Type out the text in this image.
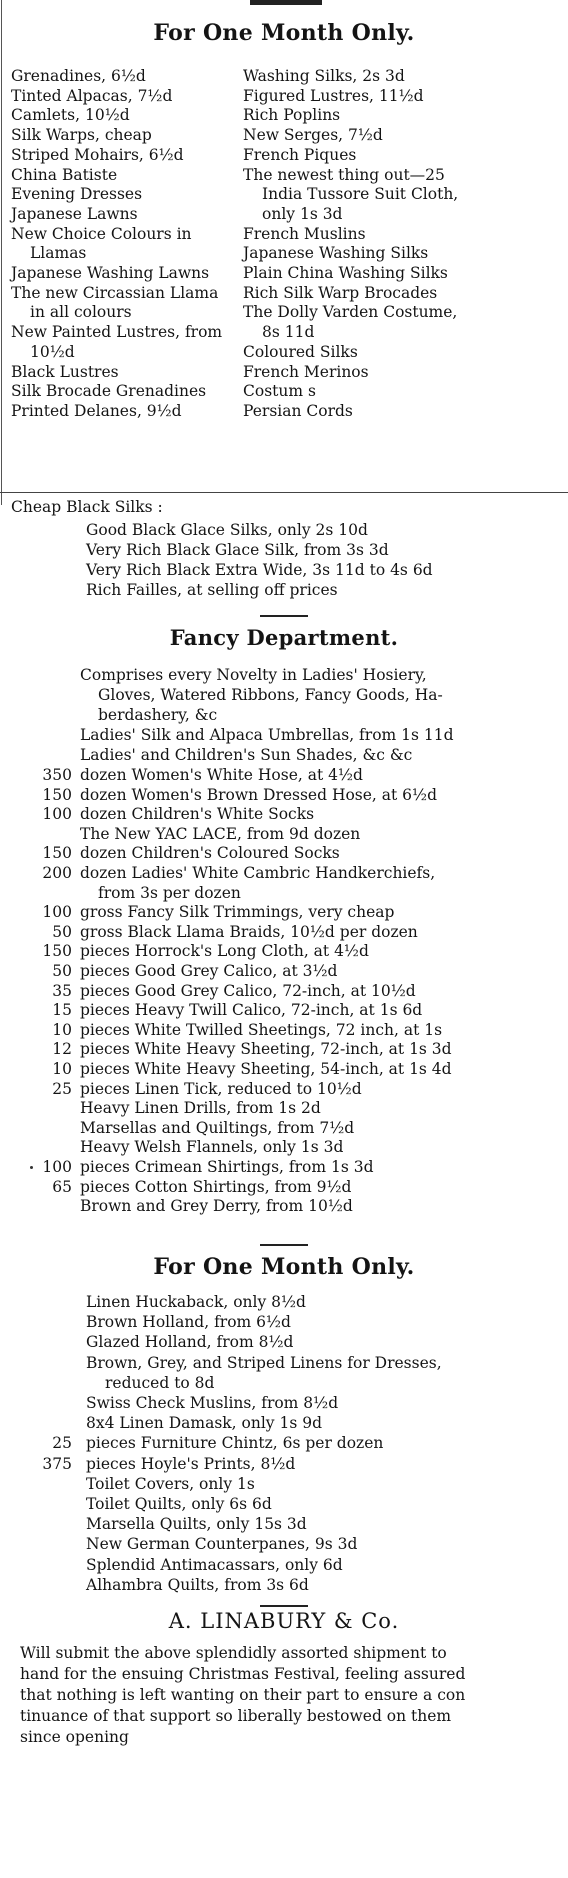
For One Month Only.
Grenadines, 6½d
Tinted Alpacas, 7½d
Camlets, 10½d
Silk Warps, cheap
Striped Mohairs, 6½d
China Batiste
Evening Dresses
Japanese Lawns
New Choice Colours in
Llamas
Japanese Washing Lawns
The new Circassian Llama
in all colours
New Painted Lustres, from
10½d
Black Lustres
Silk Brocade Grenadines
Printed Delanes, 9½d
Washing Silks, 2s 3d
Figured Lustres, 11½d
Rich Poplins
New Serges, 7½d
French Piques
The newest thing out—25
India Tussore Suit Cloth,
only 1s 3d
French Muslins
Japanese Washing Silks
Plain China Washing Silks
Rich Silk Warp Brocades
The Dolly Varden Costume,
8s 11d
Coloured Silks
French Merinos
Costum s
Persian Cords
Cheap Black Silks :
Good Black Glace Silks, only 2s 10d
Very Rich Black Glace Silk, from 3s 3d
Very Rich Black Extra Wide, 3s 11d to 4s 6d
Rich Failles, at selling off prices
Fancy Department.
Comprises every Novelty in Ladies' Hosiery,
Gloves, Watered Ribbons, Fancy Goods, Ha-
berdashery, &c
Ladies' Silk and Alpaca Umbrellas, from 1s 11d
Ladies' and Children's Sun Shades, &c &c
350 dozen Women's White Hose, at 4½d
150 dozen Women's Brown Dressed Hose, at 6½d
100 dozen Children's White Socks
The New YAC LACE, from 9d dozen
150 dozen Children's Coloured Socks
200 dozen Ladies' White Cambric Handkerchiefs,
from 3s per dozen
100 gross Fancy Silk Trimmings, very cheap
50 gross Black Llama Braids, 10½d per dozen
150 pieces Horrock's Long Cloth, at 4½d
50 pieces Good Grey Calico, at 3½d
35 pieces Good Grey Calico, 72-inch, at 10½d
15 pieces Heavy Twill Calico, 72-inch, at 1s 6d
10 pieces White Twilled Sheetings, 72 inch, at 1s
12 pieces White Heavy Sheeting, 72-inch, at 1s 3d
10 pieces White Heavy Sheeting, 54-inch, at 1s 4d
25 pieces Linen Tick, reduced to 10½d
Heavy Linen Drills, from 1s 2d
Marsellas and Quiltings, from 7½d
Heavy Welsh Flannels, only 1s 3d
100 pieces Crimean Shirtings, from 1s 3d
65 pieces Cotton Shirtings, from 9½d
Brown and Grey Derry, from 10½d
For One Month Only.
Linen Huckaback, only 8½d
Brown Holland, from 6½d
Glazed Holland, from 8½d
Brown, Grey, and Striped Linens for Dresses,
reduced to 8d
Swiss Check Muslins, from 8½d
8x4 Linen Damask, only 1s 9d
25 pieces Furniture Chintz, 6s per dozen
375 pieces Hoyle's Prints, 8½d
Toilet Covers, only 1s
Toilet Quilts, only 6s 6d
Marsella Quilts, only 15s 3d
New German Counterpanes, 9s 3d
Splendid Antimacassars, only 6d
Alhambra Quilts, from 3s 6d
A. LINABURY & Co.
Will submit the above splendidly assorted shipment to
hand for the ensuing Christmas Festival, feeling assured
that nothing is left wanting on their part to ensure a con
tinuance of that support so liberally bestowed on them
since opening
